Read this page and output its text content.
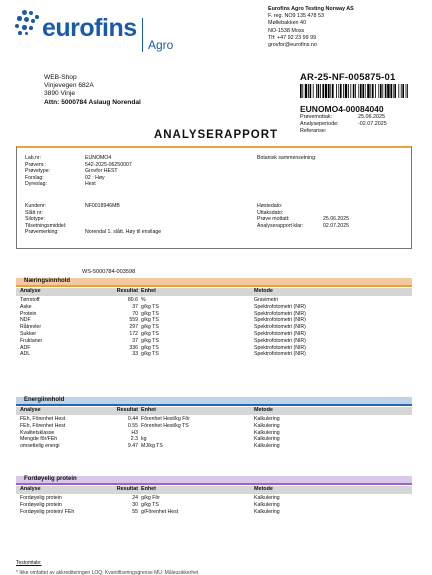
eurofins
Agro
Eurofins Agro Testing Norway AS
F. reg. NO9 135 478 53
Møllebakken 40
NO-1538 Moss
Tlf: +47 92 23 99 99
grovfor@eurofins.no
WEB-Shop
Vinjevegen 682A
3890 Vinje
Attn: 5000784 Aslaug Norendal
AR-25-NF-005875-01
EUNOMO4-00084040
Prøvemottak:	25.06.2025
Analyseperiode:	-02.07.2025
Referanse:
ANALYSERAPPORT
Lab.nr:	EUNOMO4
Prøvenr.:	542-2025-06250007
Prøvetype:	Grovfor HEST
Forslag:	02 : Høy
Dyreslag:	Hest
Botanisk sammensetning:
Kundenr:	NF0018946MB
Slått nr:
Silotype:
Tilsetningsmiddel:
Prøvemerking:	Norendal 1. slått. Høy til ensilage
Høstedato:
Uttaksdato:
Prøve mottatt:	25.06.2025
Analyserapport klar:	02.07.2025
WS-5000784-003598
Næringsinnhold
Analyse	Resultat Enhet	Metode
Tørrstoff	80.6 %	Gravimetri
Aske	37 g/kg TS	Spektrofotometri (NIR)
Protein	70 g/kg TS	Spektrofotometri (NIR)
NDF	559 g/kg TS	Spektrofotometri (NIR)
Råtrevler	297 g/kg TS	Spektrofotometri (NIR)
Sukker	172 g/kg TS	Spektrofotometri (NIR)
Fruktaner	37 g/kg TS	Spektrofotometri (NIR)
ADF	336 g/kg TS	Spektrofotometri (NIR)
ADL	33 g/kg TS	Spektrofotometri (NIR)
Energiinnhold
Analyse	Resultat Enhet	Metode
FEh, Fôrenhet Hest	0.44 Fôrenhet Hest/kg Fôr	Kalkulering
FEh, Fôrenhet Hest	0.55 Fôrenhet Hest/kg TS	Kalkulering
Kvalitetsklasse	H3	Kalkulering
Mengde fôr/FEh	2.3 kg	Kalkulering
omsettelig energi	9.47 MJ/kg TS	Kalkulering
Fordøyelig protein
Analyse	Resultat Enhet	Metode
Fordøyelig protein	24 g/kg Fôr	Kalkulering
Fordøyelig protein	30 g/kg TS	Kalkulering
Fordøyelig protein/ FEh	55 g/Fôrenhet Hest	Kalkulering
Testomtale:
* Ikke omfattet av akkrediteringen LOQ: Kvantifiseringsgrense MU: Måleusikkerhet
